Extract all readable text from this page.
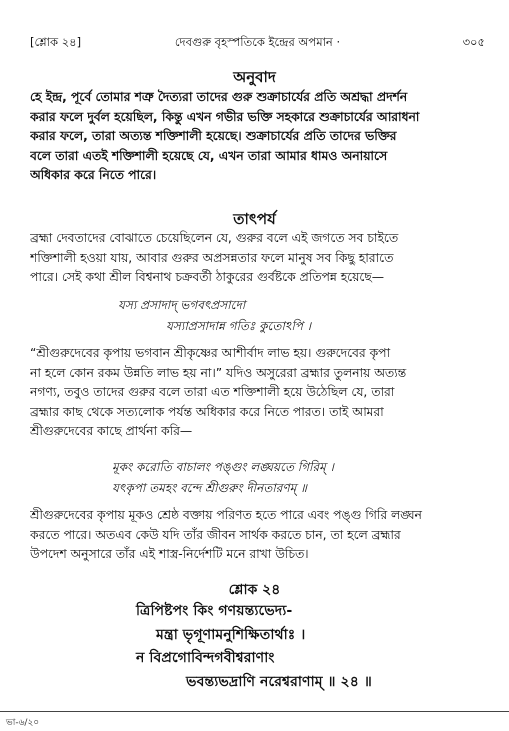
[শ্লোক ২৪]	দেবগুরু বৃহস্পতিকে ইন্দ্রের অপমান ·	৩০৫
অনুবাদ
হে ইন্দ্র, পূর্বে তোমার শত্রু দৈত্যরা তাদের গুরু শুক্রাচার্যের প্রতি অশ্রদ্ধা প্রদর্শন
করার ফলে দুর্বল হয়েছিল, কিন্তু এখন গভীর ভক্তি সহকারে শুক্রাচার্যের আরাধনা
করার ফলে, তারা অত্যন্ত শক্তিশালী হয়েছে। শুক্রাচার্যের প্রতি তাদের ভক্তির
বলে তারা এতই শক্তিশালী হয়েছে যে, এখন তারা আমার ধামও অনায়াসে
অধিকার করে নিতে পারে।
তাৎপর্য
ব্রহ্মা দেবতাদের বোঝাতে চেয়েছিলেন যে, গুরুর বলে এই জগতে সব চাইতে
শক্তিশালী হওয়া যায়, আবার গুরুর অপ্রসন্নতার ফলে মানুষ সব কিছু হারাতে
পারে। সেই কথা শ্রীল বিশ্বনাথ চক্রবর্তী ঠাকুরের গুর্বষ্টকে প্রতিপন্ন হয়েছে—
যস্য প্রসাদাদ্ ভগবৎপ্রসাদো
যস্যাপ্রসাদান্ন গতিঃ কুতোঽপি ।
“শ্রীগুরুদেবের কৃপায় ভগবান শ্রীকৃষ্ণের আশীর্বাদ লাভ হয়। গুরুদেবের কৃপা
না হলে কোন রকম উন্নতি লাভ হয় না।” যদিও অসুরেরা ব্রহ্মার তুলনায় অত্যন্ত
নগণ্য, তবুও তাদের গুরুর বলে তারা এত শক্তিশালী হয়ে উঠেছিল যে, তারা
ব্রহ্মার কাছ থেকে সত্যলোক পর্যন্ত অধিকার করে নিতে পারত। তাই আমরা
শ্রীগুরুদেবের কাছে প্রার্থনা করি—
মূকং করোতি বাচালং পঙ্গুং লঙ্ঘয়তে গিরিম্ ।
যৎকৃপা তমহং বন্দে শ্রীগুরুং দীনতারণম্ ॥
শ্রীগুরুদেবের কৃপায় মূকও শ্রেষ্ঠ বক্তায় পরিণত হতে পারে এবং পঙ্গু গিরি লঙ্ঘন
করতে পারে। অতএব কেউ যদি তাঁর জীবন সার্থক করতে চান, তা হলে ব্রহ্মার
উপদেশ অনুসারে তাঁর এই শাস্ত্র-নির্দেশটি মনে রাখা উচিত।
শ্লোক ২৪
ত্রিপিষ্টপং কিং গণয়ন্ত্যভেদ্য-
মন্ত্রা ভৃগূণামনুশিক্ষিতার্থাঃ ।
ন বিপ্রগোবিন্দগবীশ্বরাণাং
ভবন্ত্যভদ্রাণি নরেশ্বরাণাম্ ॥ ২৪ ॥
ভা-৬/২০
